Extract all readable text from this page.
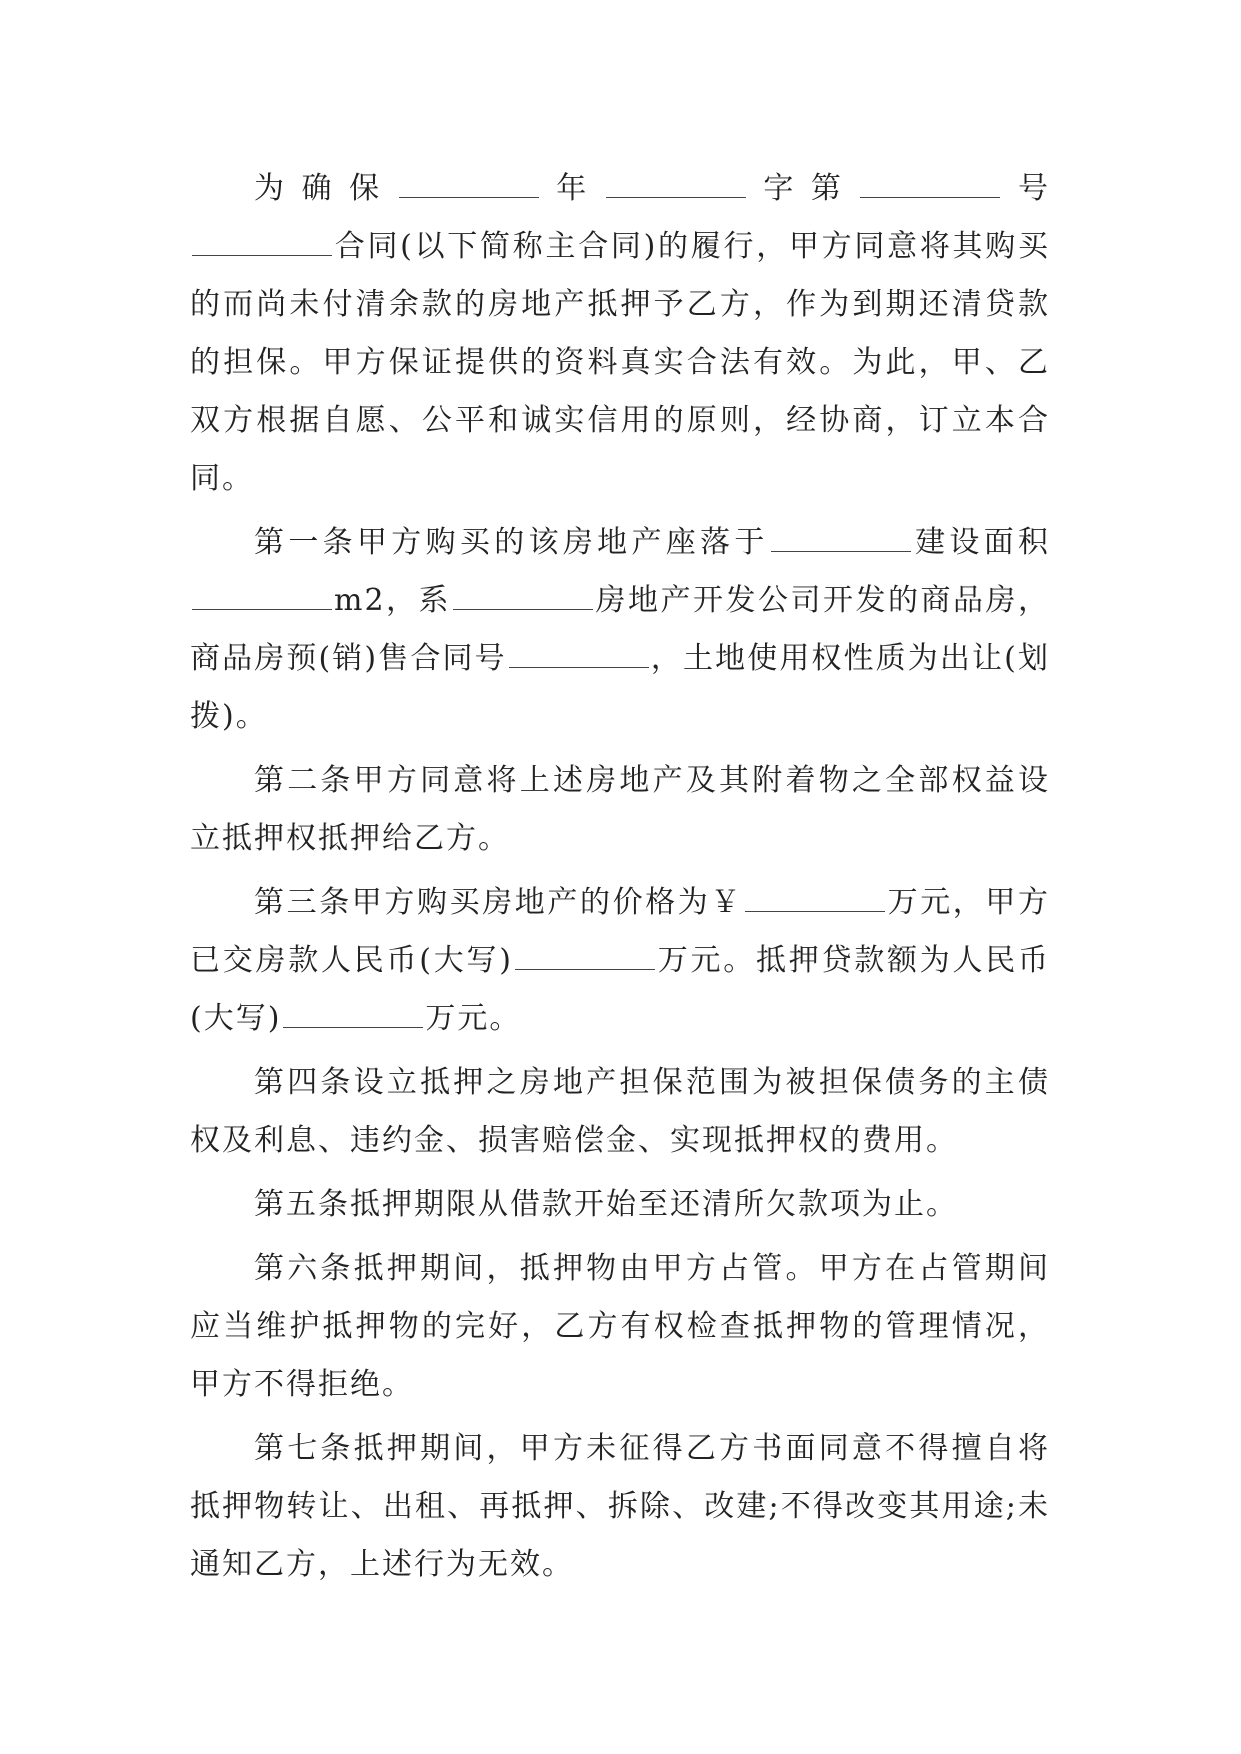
为确保	年	字第	号合同(以下简称主合同)的履行，甲方同意将其购买的而尚未付清余款的房地产抵押予乙方，作为到期还清贷款的担保。甲方保证提供的资料真实合法有效。为此，甲、乙双方根据自愿、公平和诚实信用的原则，经协商，订立本合同。

第一条甲方购买的该房地产座落于	建设面积m2，系	房地产开发公司开发的商品房，商品房预(销)售合同号	，土地使用权性质为出让(划拨)。

第二条甲方同意将上述房地产及其附着物之全部权益设立抵押权抵押给乙方。

第三条甲方购买房地产的价格为￥	万元，甲方已交房款人民币(大写)	万元。抵押贷款额为人民币(大写)	万元。

第四条设立抵押之房地产担保范围为被担保债务的主债权及利息、违约金、损害赔偿金、实现抵押权的费用。

第五条抵押期限从借款开始至还清所欠款项为止。

第六条抵押期间，抵押物由甲方占管。甲方在占管期间应当维护抵押物的完好，乙方有权检查抵押物的管理情况，甲方不得拒绝。

第七条抵押期间，甲方未征得乙方书面同意不得擅自将抵押物转让、出租、再抵押、拆除、改建;不得改变其用途;未通知乙方，上述行为无效。
